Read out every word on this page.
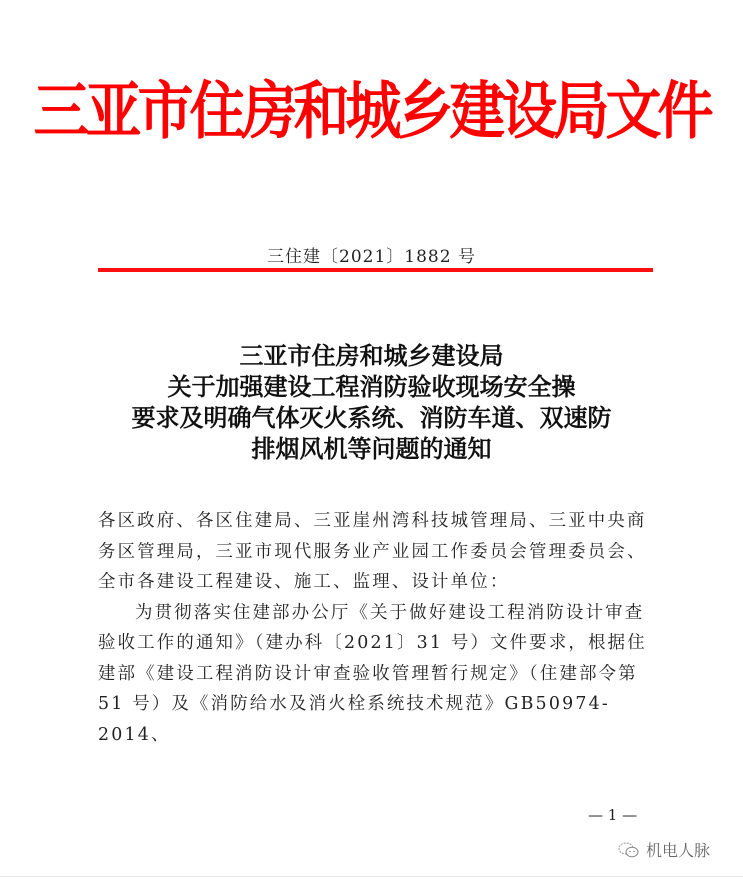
三亚市住房和城乡建设局文件
三住建〔2021〕1882 号
三亚市住房和城乡建设局
关于加强建设工程消防验收现场安全操
要求及明确气体灭火系统、消防车道、双速防
排烟风机等问题的通知

各区政府、各区住建局、三亚崖州湾科技城管理局、三亚中央商

务区管理局，三亚市现代服务业产业园工作委员会管理委员会、

全市各建设工程建设、施工、监理、设计单位：

为贯彻落实住建部办公厅《关于做好建设工程消防设计审查

验收工作的通知》（建办科〔2021〕31 号）文件要求，根据住

建部《建设工程消防设计审查验收管理暂行规定》（住建部令第

51 号）及《消防给水及消火栓系统技术规范》GB50974-2014、

— 1 —
机电人脉
